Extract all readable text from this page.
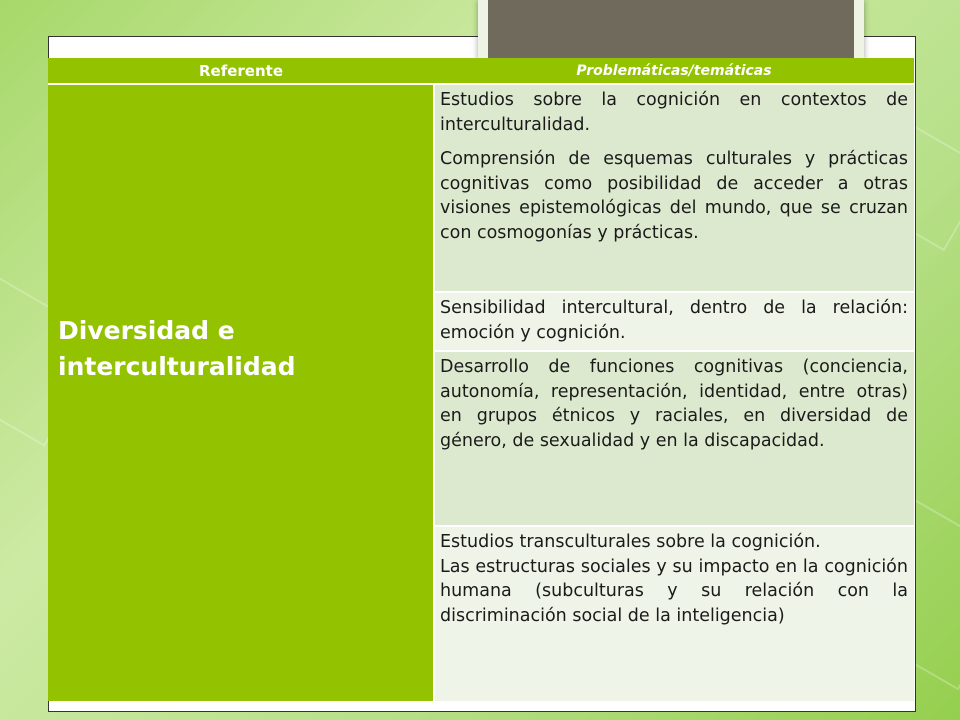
Referente	Problemáticas/temáticas

Diversidad e interculturalidad	Estudios sobre la cognición en contextos de interculturalidad.

Comprensión de esquemas culturales y prácticas cognitivas como posibilidad de acceder a otras visiones epistemológicas del mundo, que se cruzan con cosmogonías y prácticas.

	Sensibilidad intercultural, dentro de la relación: emoción y cognición.

	Desarrollo de funciones cognitivas (conciencia, autonomía, representación, identidad, entre otras) en grupos étnicos y raciales, en diversidad de género, de sexualidad y en la discapacidad.

	Estudios transculturales sobre la cognición.

Las estructuras sociales y su impacto en la cognición humana (subculturas y su relación con la discriminación social de la inteligencia)
